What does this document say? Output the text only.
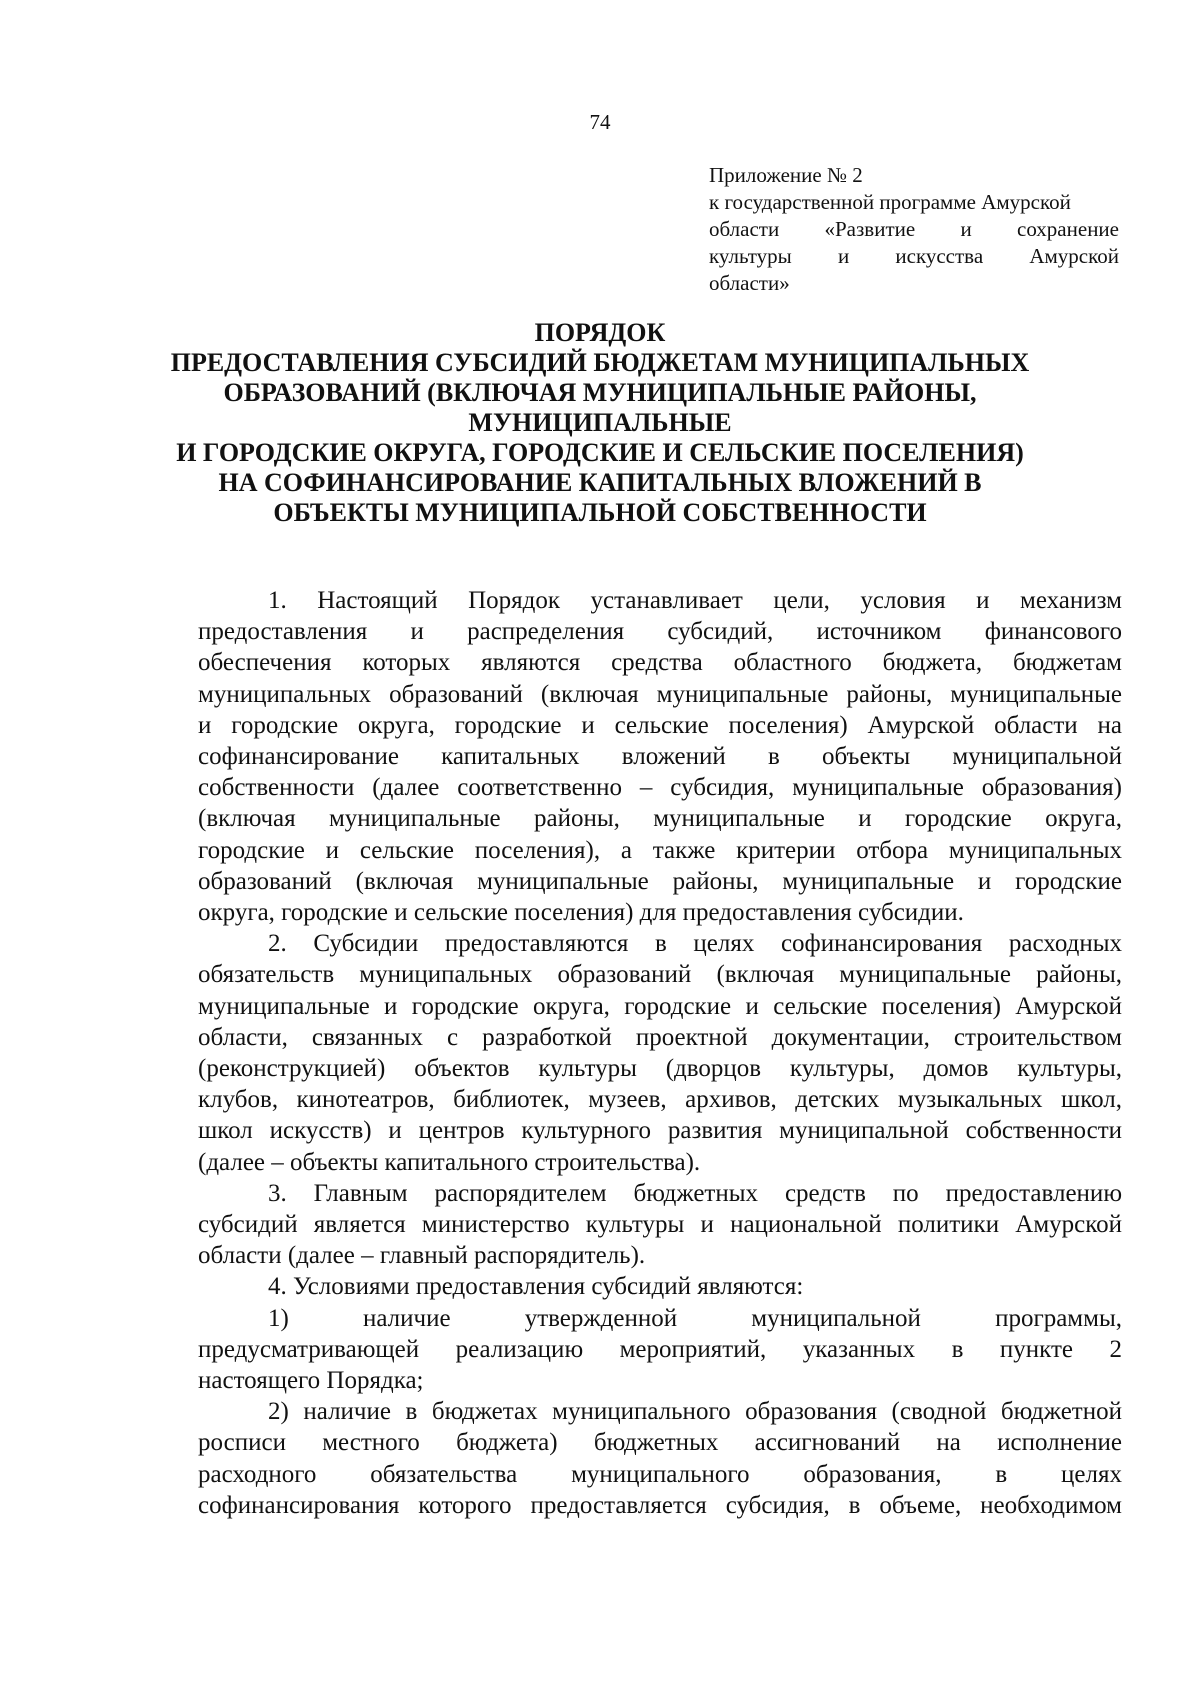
74
Приложение № 2
к государственной программе Амурской
области «Развитие и сохранение
культуры и искусства Амурской
области»
ПОРЯДОК
ПРЕДОСТАВЛЕНИЯ СУБСИДИЙ БЮДЖЕТАМ МУНИЦИПАЛЬНЫХ
ОБРАЗОВАНИЙ (ВКЛЮЧАЯ МУНИЦИПАЛЬНЫЕ РАЙОНЫ,
МУНИЦИПАЛЬНЫЕ
И ГОРОДСКИЕ ОКРУГА, ГОРОДСКИЕ И СЕЛЬСКИЕ ПОСЕЛЕНИЯ)
НА СОФИНАНСИРОВАНИЕ КАПИТАЛЬНЫХ ВЛОЖЕНИЙ В
ОБЪЕКТЫ МУНИЦИПАЛЬНОЙ СОБСТВЕННОСТИ
1. Настоящий Порядок устанавливает цели, условия и механизм
предоставления и распределения субсидий, источником финансового
обеспечения которых являются средства областного бюджета, бюджетам
муниципальных образований (включая муниципальные районы, муниципальные
и городские округа, городские и сельские поселения) Амурской области на
софинансирование капитальных вложений в объекты муниципальной
собственности (далее соответственно – субсидия, муниципальные образования)
(включая муниципальные районы, муниципальные и городские округа,
городские и сельские поселения), а также критерии отбора муниципальных
образований (включая муниципальные районы, муниципальные и городские
округа, городские и сельские поселения) для предоставления субсидии.
2. Субсидии предоставляются в целях софинансирования расходных
обязательств муниципальных образований (включая муниципальные районы,
муниципальные и городские округа, городские и сельские поселения) Амурской
области, связанных с разработкой проектной документации, строительством
(реконструкцией) объектов культуры (дворцов культуры, домов культуры,
клубов, кинотеатров, библиотек, музеев, архивов, детских музыкальных школ,
школ искусств) и центров культурного развития муниципальной собственности
(далее – объекты капитального строительства).
3. Главным распорядителем бюджетных средств по предоставлению
субсидий является министерство культуры и национальной политики Амурской
области (далее – главный распорядитель).
4. Условиями предоставления субсидий являются:
1) наличие утвержденной муниципальной программы,
предусматривающей реализацию мероприятий, указанных в пункте 2
настоящего Порядка;
2) наличие в бюджетах муниципального образования (сводной бюджетной
росписи местного бюджета) бюджетных ассигнований на исполнение
расходного обязательства муниципального образования, в целях
софинансирования которого предоставляется субсидия, в объеме, необходимом
